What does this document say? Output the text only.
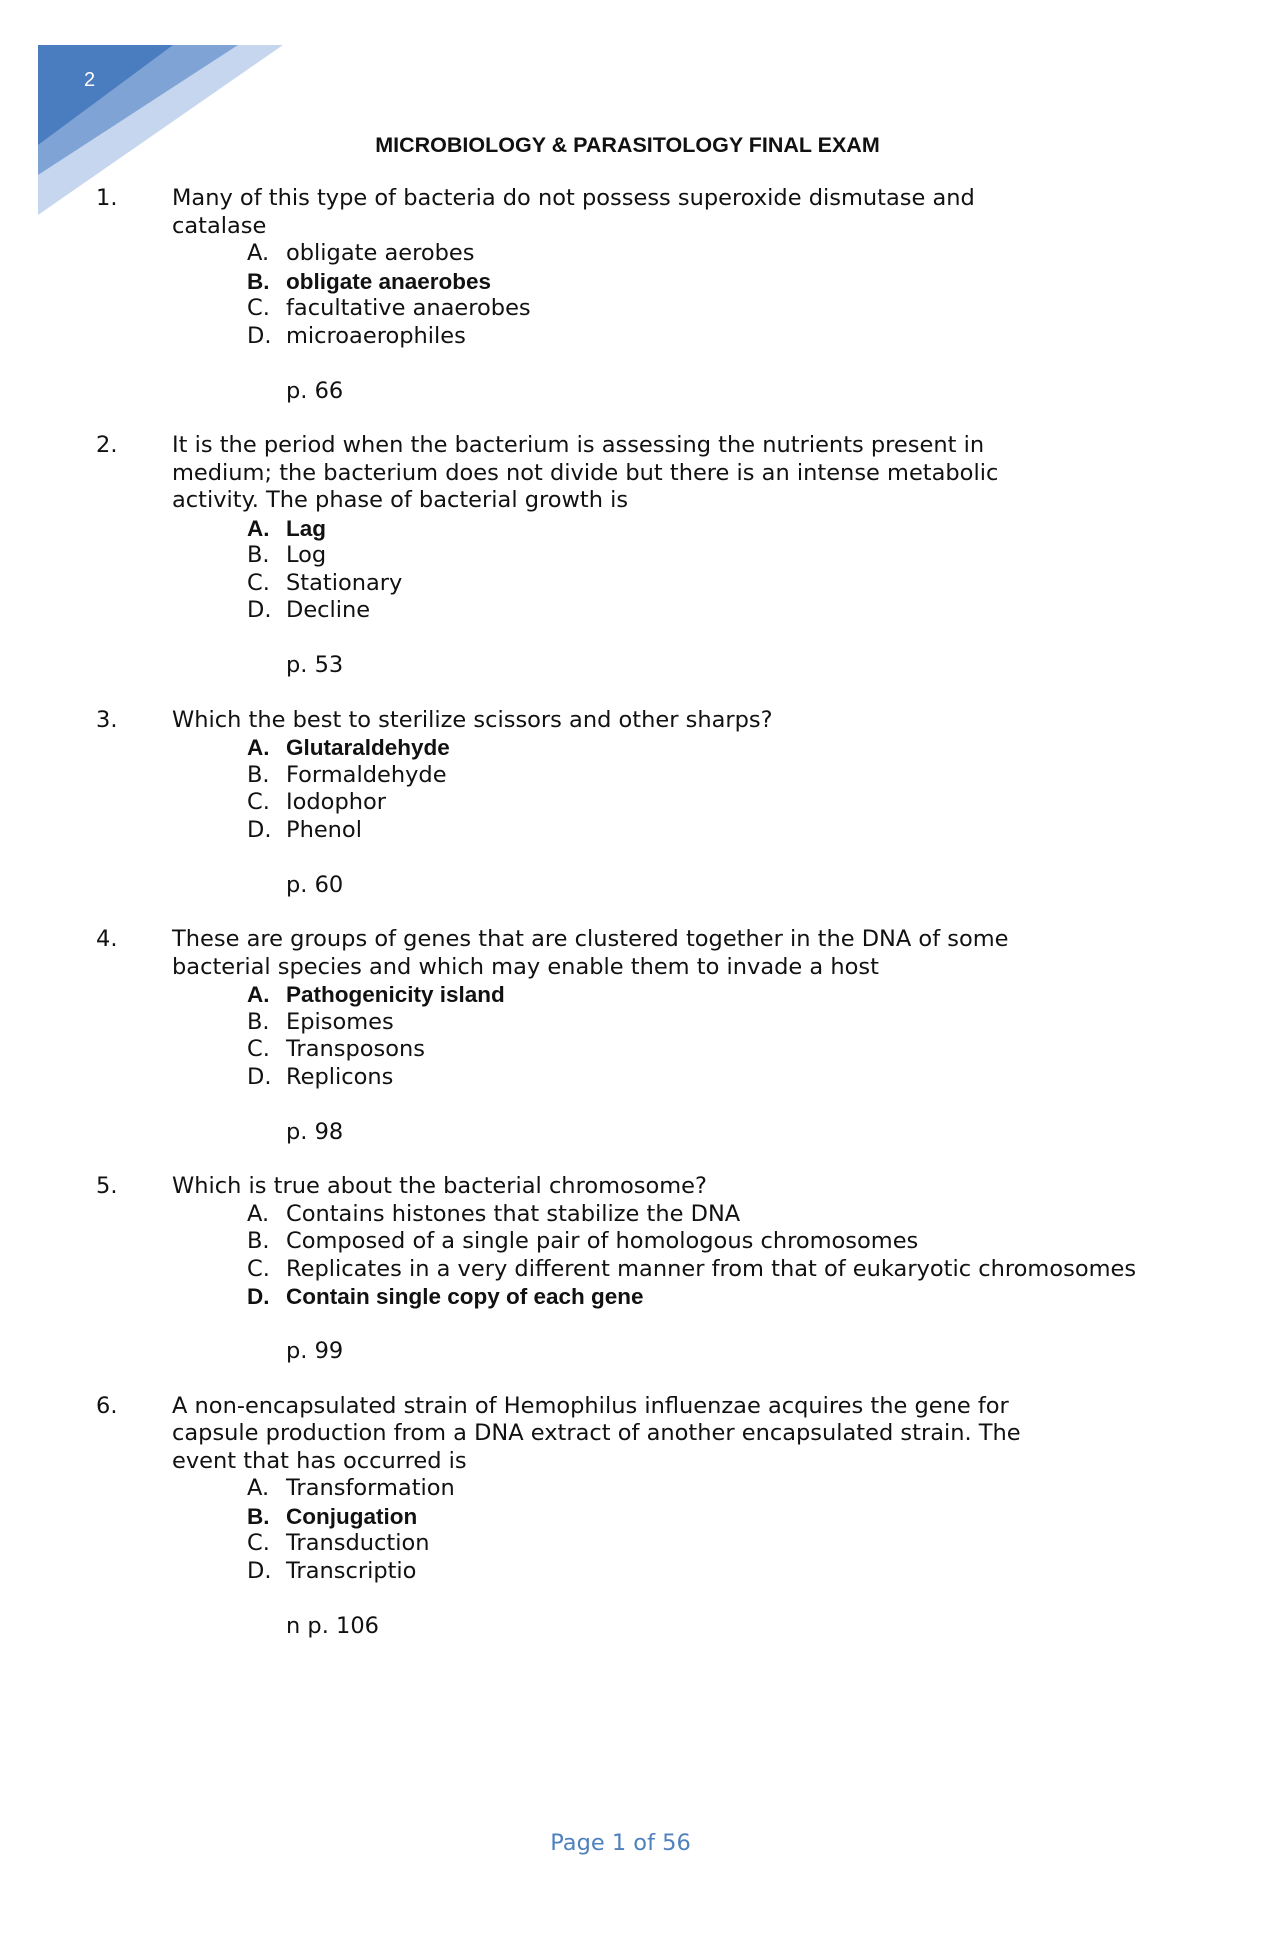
2
MICROBIOLOGY & PARASITOLOGY FINAL EXAM
1. Many of this type of bacteria do not possess superoxide dismutase and catalase
A. obligate aerobes
B. obligate anaerobes
C. facultative anaerobes
D. microaerophiles
p. 66
2. It is the period when the bacterium is assessing the nutrients present in medium; the bacterium does not divide but there is an intense metabolic activity. The phase of bacterial growth is
A. Lag
B. Log
C. Stationary
D. Decline
p. 53
3. Which the best to sterilize scissors and other sharps?
A. Glutaraldehyde
B. Formaldehyde
C. Iodophor
D. Phenol
p. 60
4. These are groups of genes that are clustered together in the DNA of some bacterial species and which may enable them to invade a host
A. Pathogenicity island
B. Episomes
C. Transposons
D. Replicons
p. 98
5. Which is true about the bacterial chromosome?
A. Contains histones that stabilize the DNA
B. Composed of a single pair of homologous chromosomes
C. Replicates in a very different manner from that of eukaryotic chromosomes
D. Contain single copy of each gene
p. 99
6. A non-encapsulated strain of Hemophilus influenzae acquires the gene for capsule production from a DNA extract of another encapsulated strain. The event that has occurred is
A. Transformation
B. Conjugation
C. Transduction
D. Transcriptio
n p. 106
Page 1 of 56
